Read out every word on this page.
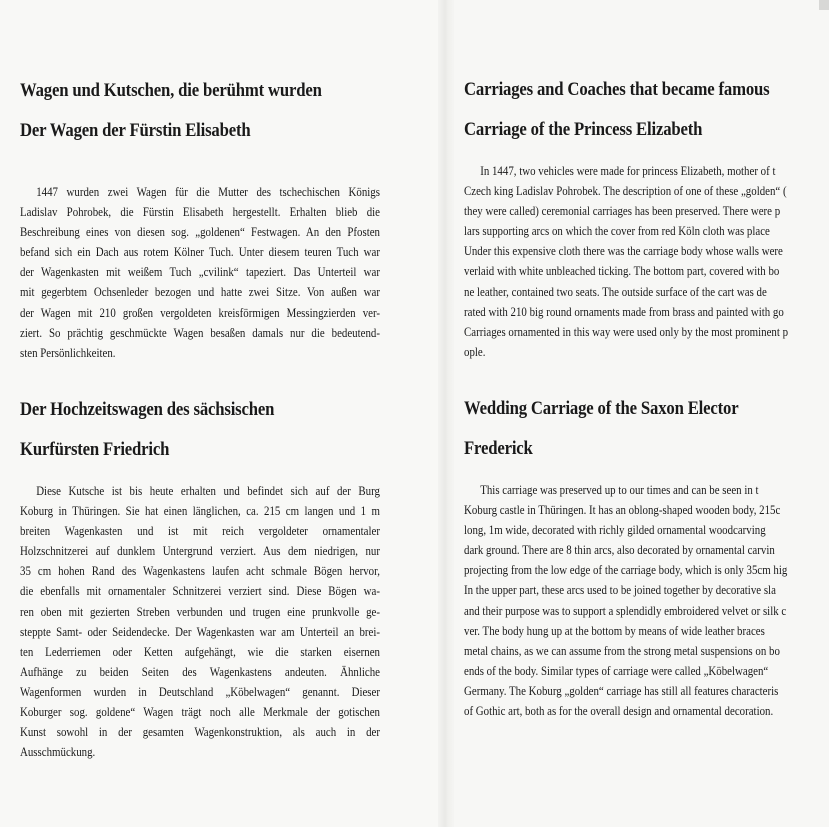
Wagen und Kutschen, die berühmt wurden
Der Wagen der Fürstin Elisabeth

1447 wurden zwei Wagen für die Mutter des tschechischen Königs
Ladislav Pohrobek, die Fürstin Elisabeth hergestellt. Erhalten blieb die
Beschreibung eines von diesen sog. „goldenen“ Festwagen. An den Pfosten
befand sich ein Dach aus rotem Kölner Tuch. Unter diesem teuren Tuch war
der Wagenkasten mit weißem Tuch „cvilink“ tapeziert. Das Unterteil war
mit gegerbtem Ochsenleder bezogen und hatte zwei Sitze. Von außen war
der Wagen mit 210 großen vergoldeten kreisförmigen Messingzierden ver-
ziert. So prächtig geschmückte Wagen besaßen damals nur die bedeutend-
sten Persönlichkeiten.

Der Hochzeitswagen des sächsischen
Kurfürsten Friedrich

Diese Kutsche ist bis heute erhalten und befindet sich auf der Burg
Koburg in Thüringen. Sie hat einen länglichen, ca. 215 cm langen und 1 m
breiten Wagenkasten und ist mit reich vergoldeter ornamentaler
Holzschnitzerei auf dunklem Untergrund verziert. Aus dem niedrigen, nur
35 cm hohen Rand des Wagenkastens laufen acht schmale Bögen hervor,
die ebenfalls mit ornamentaler Schnitzerei verziert sind. Diese Bögen wa-
ren oben mit gezierten Streben verbunden und trugen eine prunkvolle ge-
steppte Samt- oder Seidendecke. Der Wagenkasten war am Unterteil an brei-
ten Lederriemen oder Ketten aufgehängt, wie die starken eisernen
Aufhänge zu beiden Seiten des Wagenkastens andeuten. Ähnliche
Wagenformen wurden in Deutschland „Köbelwagen“ genannt. Dieser
Koburger sog. goldene“ Wagen trägt noch alle Merkmale der gotischen
Kunst sowohl in der gesamten Wagenkonstruktion, als auch in der
Ausschmückung.

Carriages and Coaches that became famous
Carriage of the Princess Elizabeth

In 1447, two vehicles were made for princess Elizabeth, mother of t
Czech king Ladislav Pohrobek. The description of one of these „golden“ (
they were called) ceremonial carriages has been preserved. There were p
lars supporting arcs on which the cover from red Köln cloth was place
Under this expensive cloth there was the carriage body whose walls were
verlaid with white unbleached ticking. The bottom part, covered with bo
ne leather, contained two seats. The outside surface of the cart was de
rated with 210 big round ornaments made from brass and painted with go
Carriages ornamented in this way were used only by the most prominent p
ople.

Wedding Carriage of the Saxon Elector
Frederick

This carriage was preserved up to our times and can be seen in t
Koburg castle in Thüringen. It has an oblong-shaped wooden body, 215c
long, 1m wide, decorated with richly gilded ornamental woodcarving
dark ground. There are 8 thin arcs, also decorated by ornamental carvin
projecting from the low edge of the carriage body, which is only 35cm hig
In the upper part, these arcs used to be joined together by decorative sla
and their purpose was to support a splendidly embroidered velvet or silk c
ver. The body hung up at the bottom by means of wide leather braces
metal chains, as we can assume from the strong metal suspensions on bo
ends of the body. Similar types of carriage were called „Köbelwagen“
Germany. The Koburg „golden“ carriage has still all features characteris
of Gothic art, both as for the overall design and ornamental decoration.
